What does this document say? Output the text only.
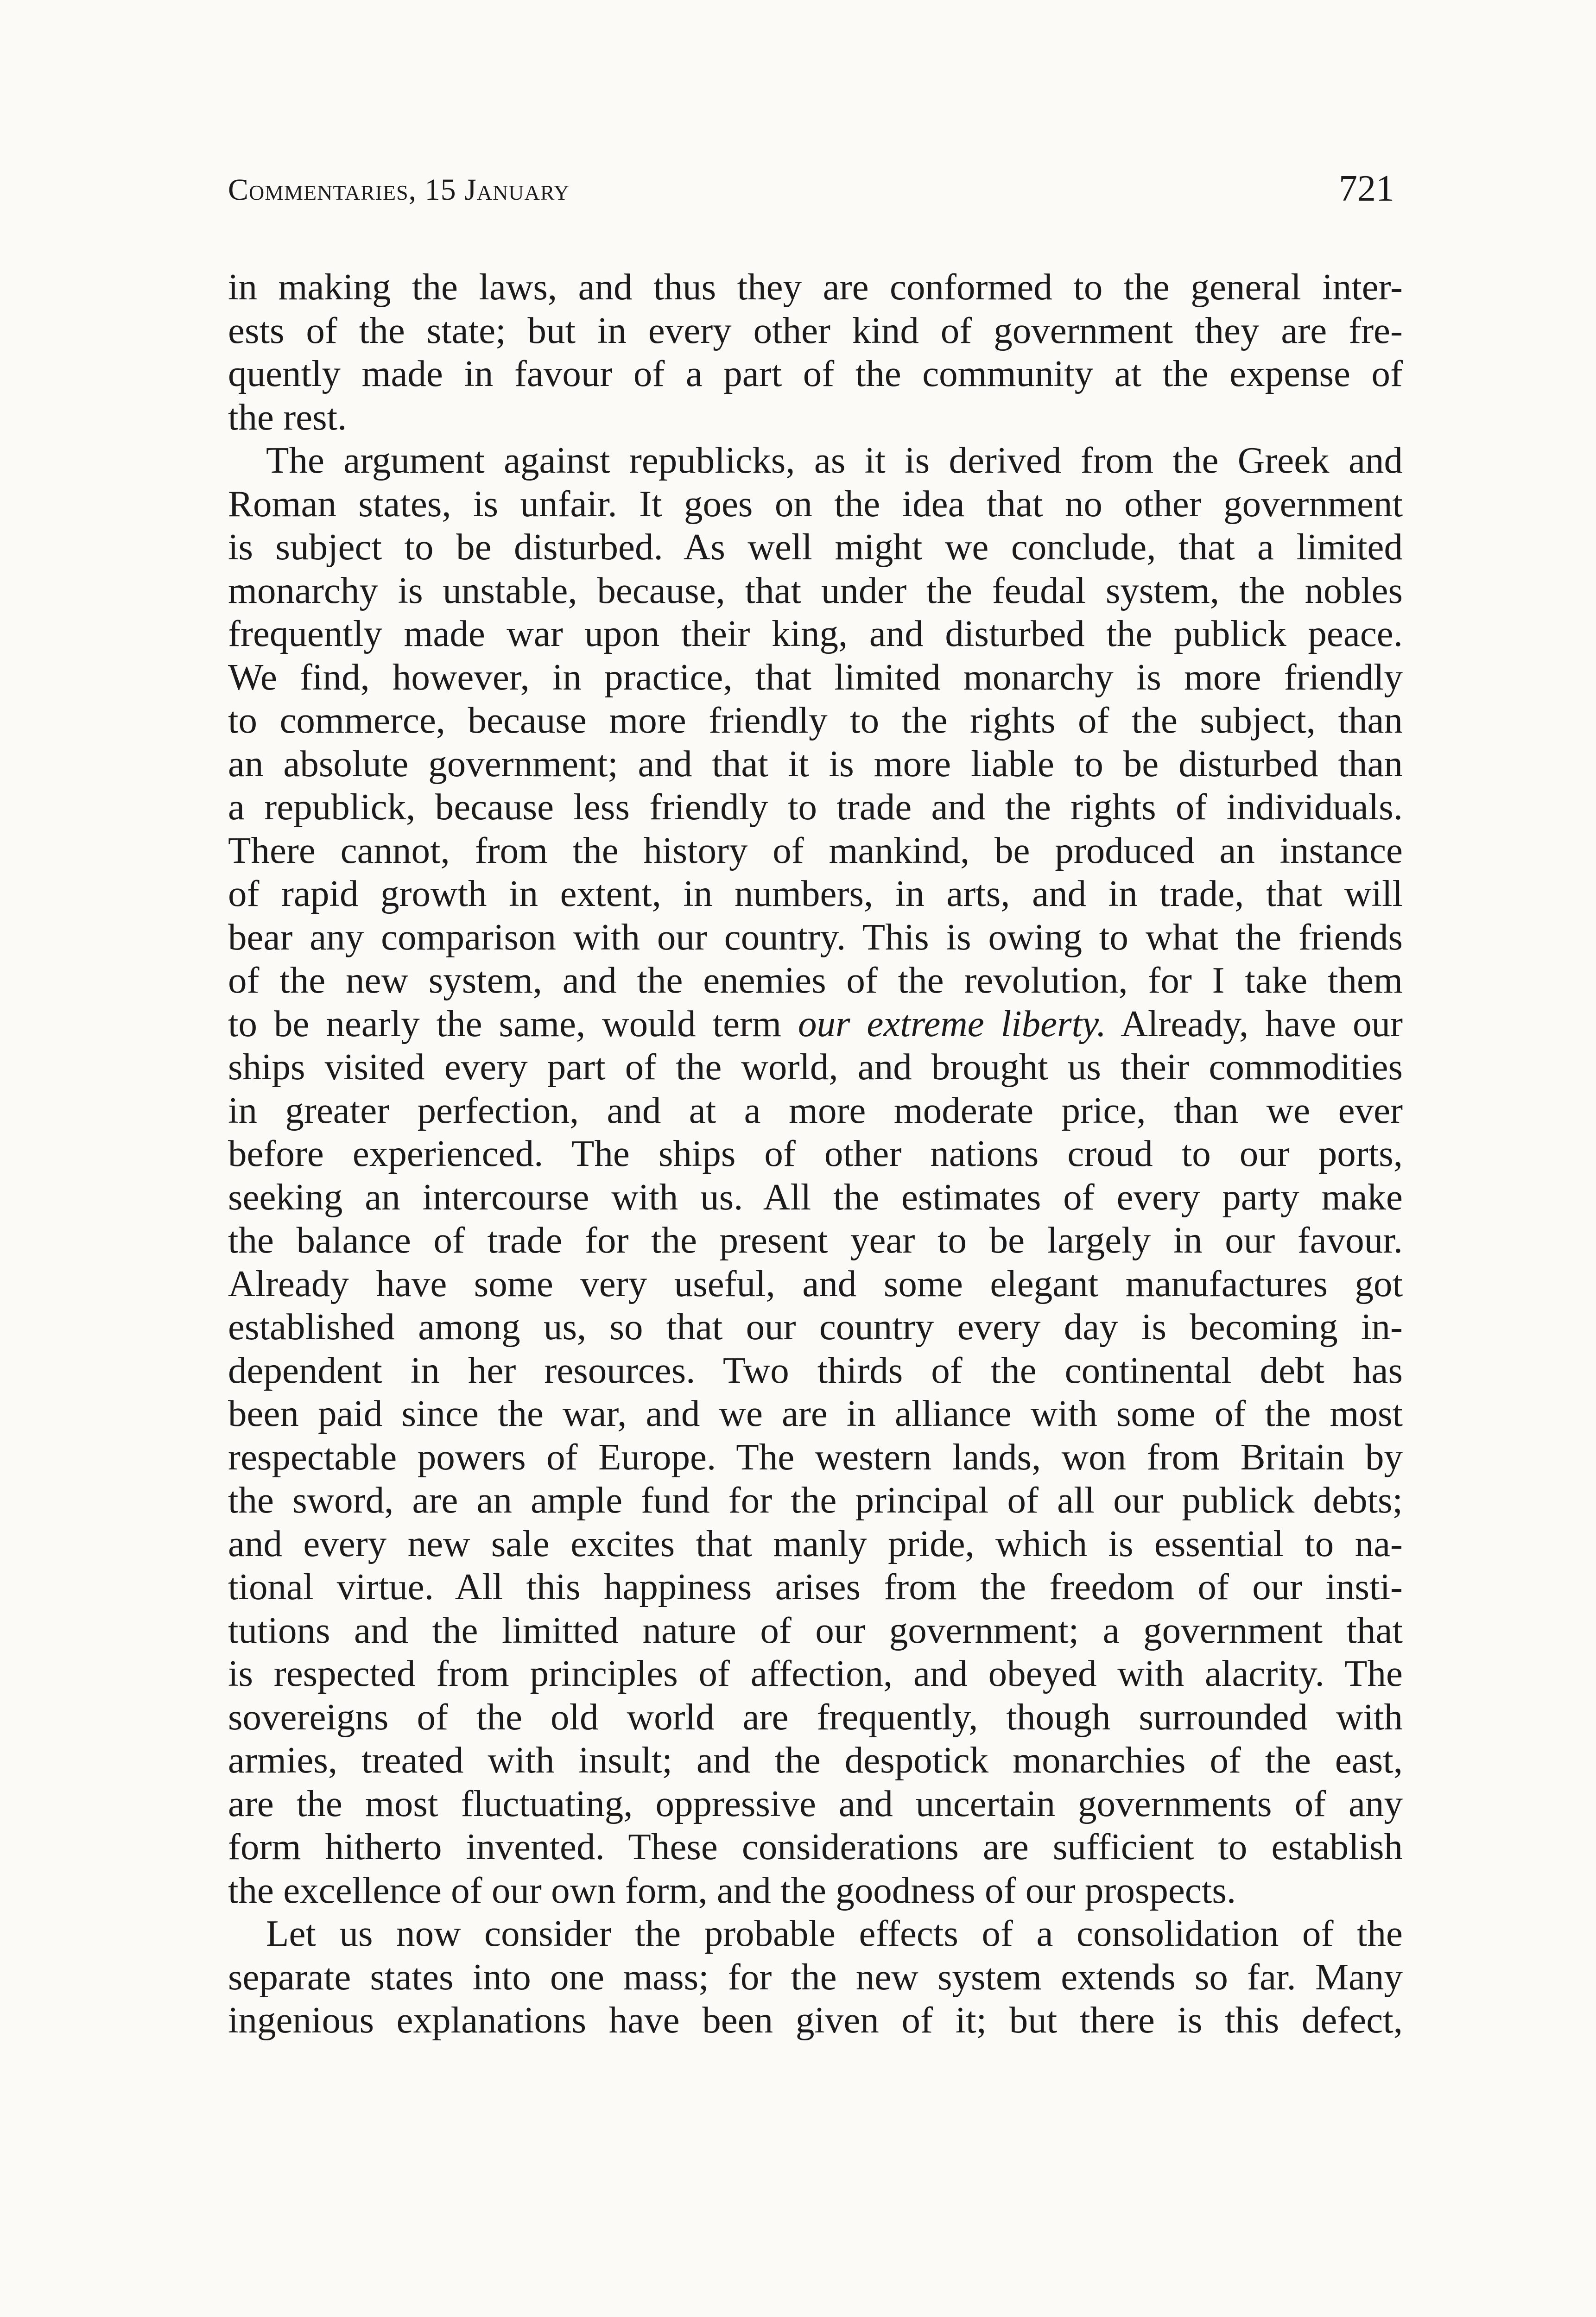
Commentaries, 15 January	721
in making the laws, and thus they are conformed to the general inter-
ests of the state; but in every other kind of government they are fre-
quently made in favour of a part of the community at the expense of
the rest.
The argument against republicks, as it is derived from the Greek and
Roman states, is unfair. It goes on the idea that no other government
is subject to be disturbed. As well might we conclude, that a limited
monarchy is unstable, because, that under the feudal system, the nobles
frequently made war upon their king, and disturbed the publick peace.
We find, however, in practice, that limited monarchy is more friendly
to commerce, because more friendly to the rights of the subject, than
an absolute government; and that it is more liable to be disturbed than
a republick, because less friendly to trade and the rights of individuals.
There cannot, from the history of mankind, be produced an instance
of rapid growth in extent, in numbers, in arts, and in trade, that will
bear any comparison with our country. This is owing to what the friends
of the new system, and the enemies of the revolution, for I take them
to be nearly the same, would term our extreme liberty. Already, have our
ships visited every part of the world, and brought us their commodities
in greater perfection, and at a more moderate price, than we ever
before experienced. The ships of other nations croud to our ports,
seeking an intercourse with us. All the estimates of every party make
the balance of trade for the present year to be largely in our favour.
Already have some very useful, and some elegant manufactures got
established among us, so that our country every day is becoming in-
dependent in her resources. Two thirds of the continental debt has
been paid since the war, and we are in alliance with some of the most
respectable powers of Europe. The western lands, won from Britain by
the sword, are an ample fund for the principal of all our publick debts;
and every new sale excites that manly pride, which is essential to na-
tional virtue. All this happiness arises from the freedom of our insti-
tutions and the limitted nature of our government; a government that
is respected from principles of affection, and obeyed with alacrity. The
sovereigns of the old world are frequently, though surrounded with
armies, treated with insult; and the despotick monarchies of the east,
are the most fluctuating, oppressive and uncertain governments of any
form hitherto invented. These considerations are sufficient to establish
the excellence of our own form, and the goodness of our prospects.
Let us now consider the probable effects of a consolidation of the
separate states into one mass; for the new system extends so far. Many
ingenious explanations have been given of it; but there is this defect,
